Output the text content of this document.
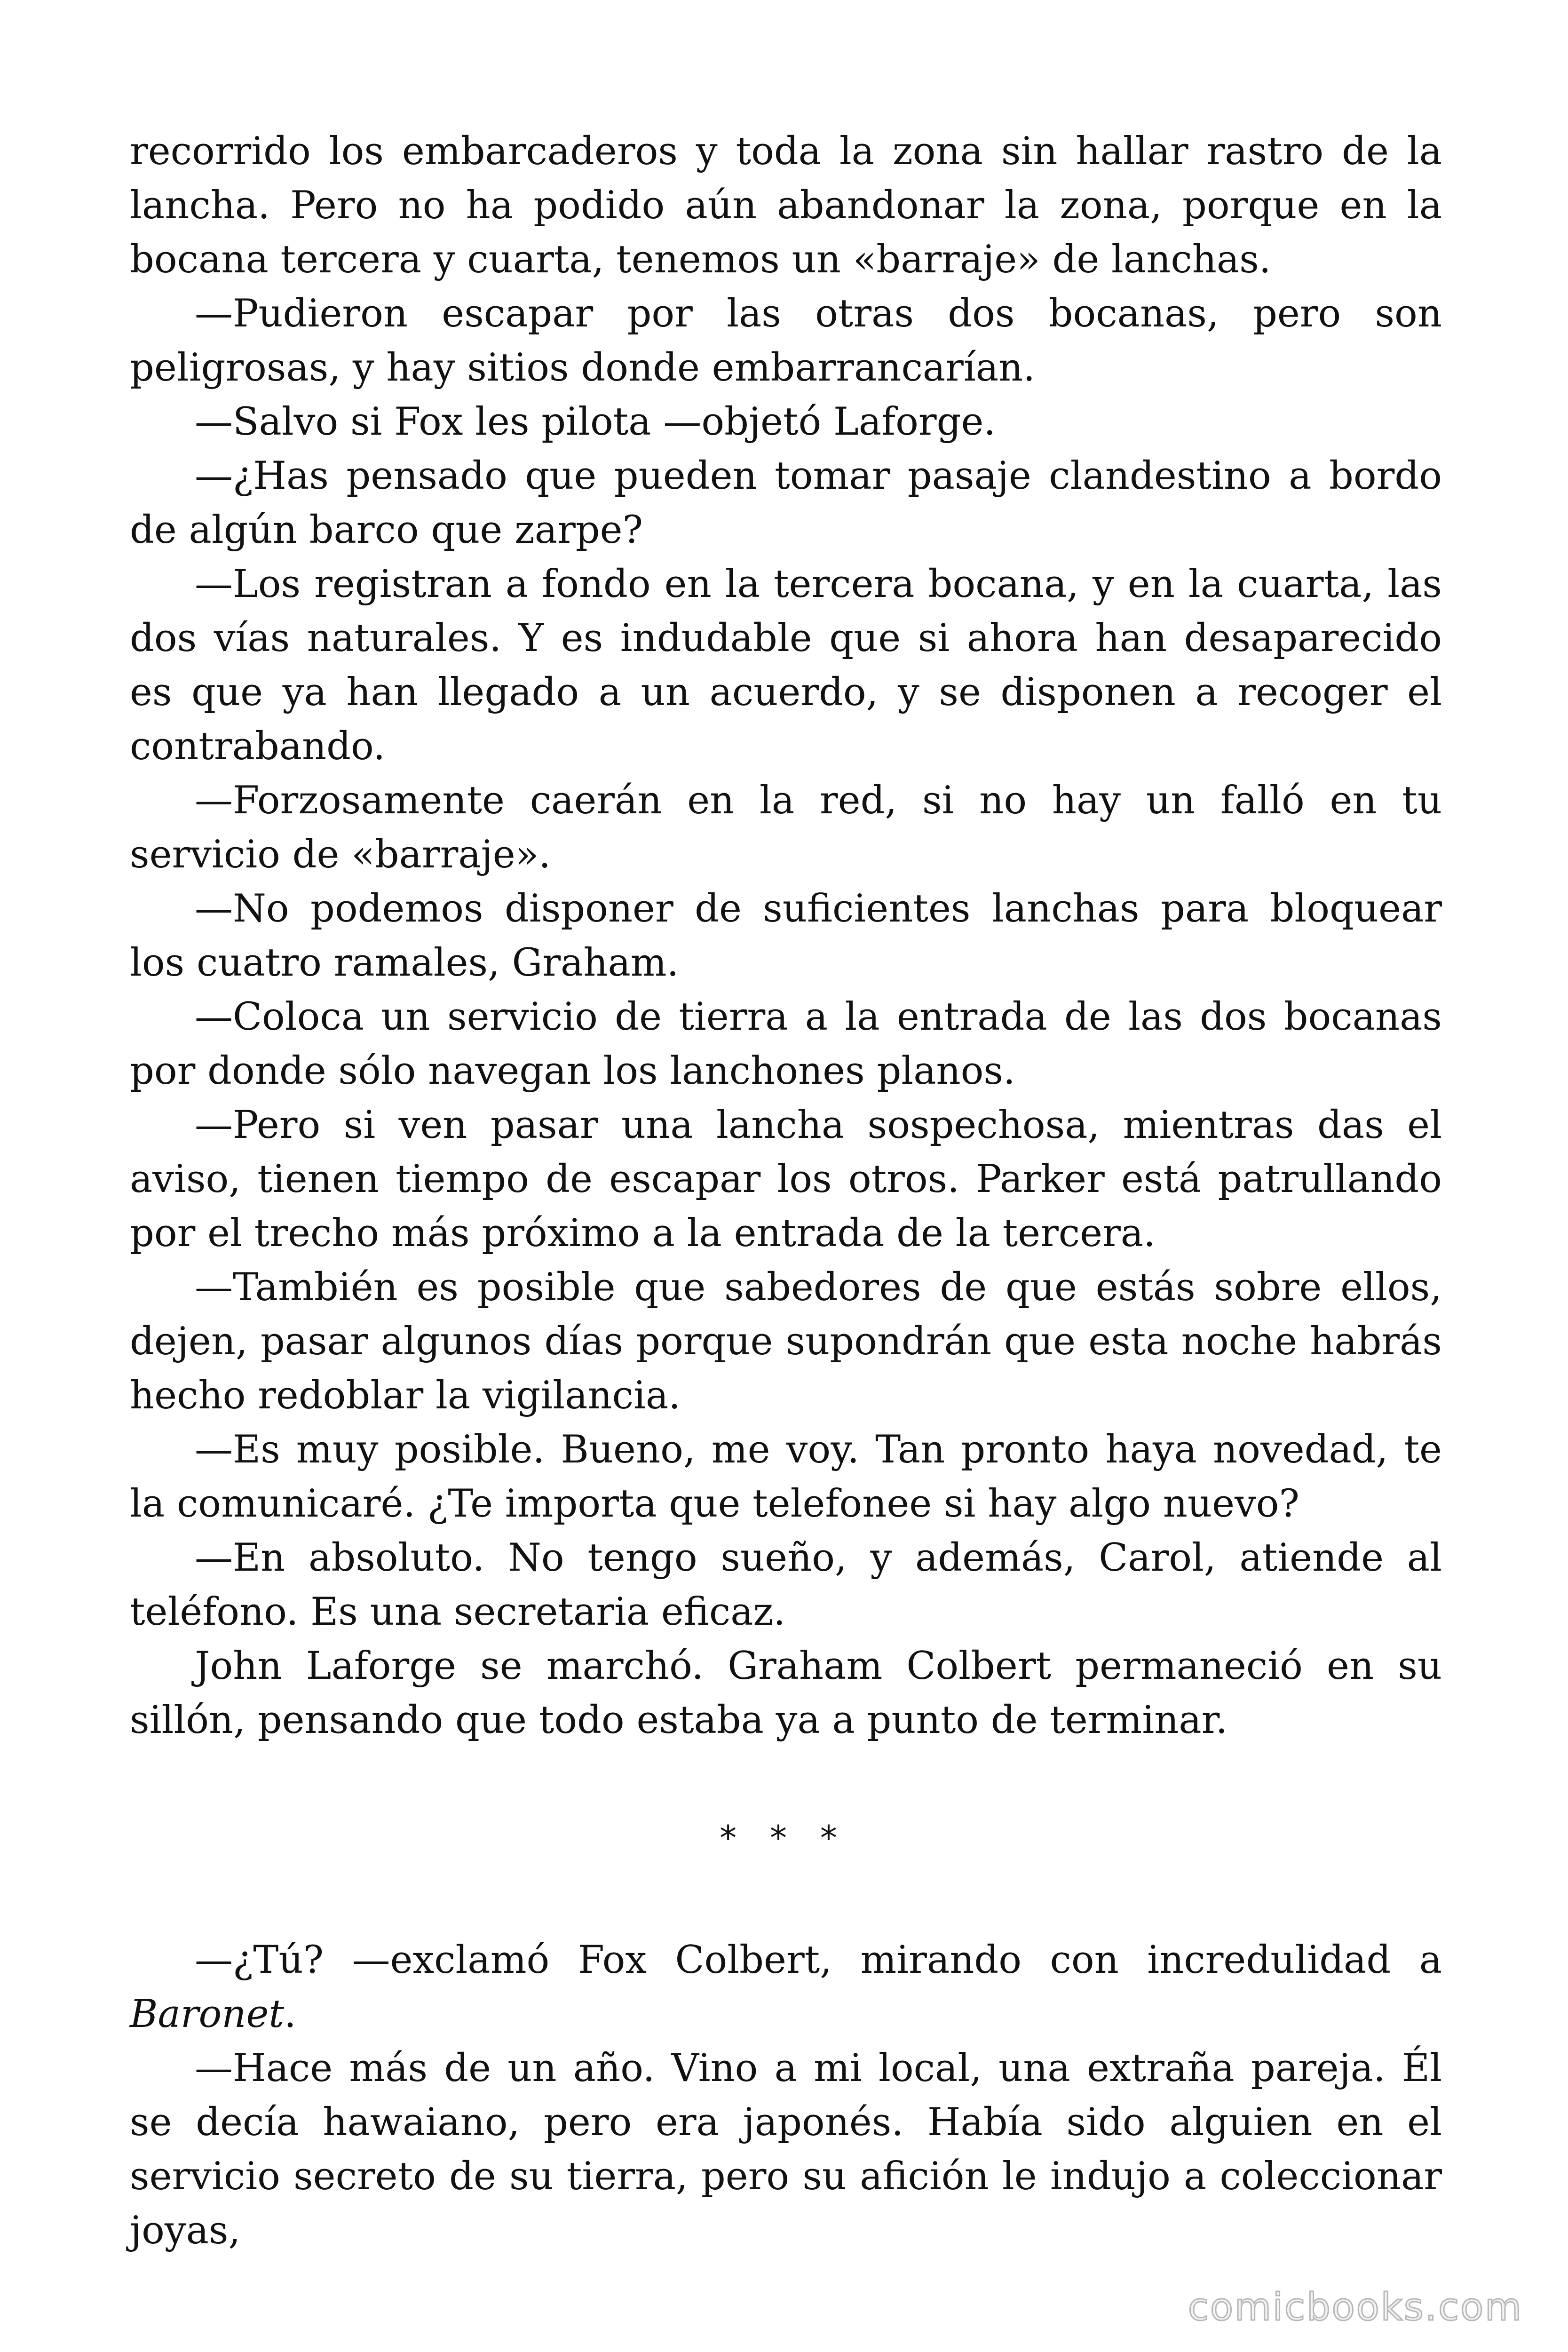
recorrido los embarcaderos y toda la zona sin hallar rastro de la lancha. Pero no ha podido aún abandonar la zona, porque en la bocana tercera y cuarta, tenemos un «barraje» de lanchas.

—Pudieron escapar por las otras dos bocanas, pero son peligrosas, y hay sitios donde embarrancarían.

—Salvo si Fox les pilota —objetó Laforge.

—¿Has pensado que pueden tomar pasaje clandestino a bordo de algún barco que zarpe?

—Los registran a fondo en la tercera bocana, y en la cuarta, las dos vías naturales. Y es indudable que si ahora han desaparecido es que ya han llegado a un acuerdo, y se disponen a recoger el contrabando.

—Forzosamente caerán en la red, si no hay un falló en tu servicio de «barraje».

—No podemos disponer de suficientes lanchas para bloquear los cuatro ramales, Graham.

—Coloca un servicio de tierra a la entrada de las dos bocanas por donde sólo navegan los lanchones planos.

—Pero si ven pasar una lancha sospechosa, mientras das el aviso, tienen tiempo de escapar los otros. Parker está patrullando por el trecho más próximo a la entrada de la tercera.

—También es posible que sabedores de que estás sobre ellos, dejen, pasar algunos días porque supondrán que esta noche habrás hecho redoblar la vigilancia.

—Es muy posible. Bueno, me voy. Tan pronto haya novedad, te la comunicaré. ¿Te importa que telefonee si hay algo nuevo?

—En absoluto. No tengo sueño, y además, Carol, atiende al teléfono. Es una secretaria eficaz.

John Laforge se marchó. Graham Colbert permaneció en su sillón, pensando que todo estaba ya a punto de terminar.

* * *

—¿Tú? —exclamó Fox Colbert, mirando con incredulidad a Baronet.

—Hace más de un año. Vino a mi local, una extraña pareja. Él se decía hawaiano, pero era japonés. Había sido alguien en el servicio secreto de su tierra, pero su afición le indujo a coleccionar joyas,

comicbooks.com
